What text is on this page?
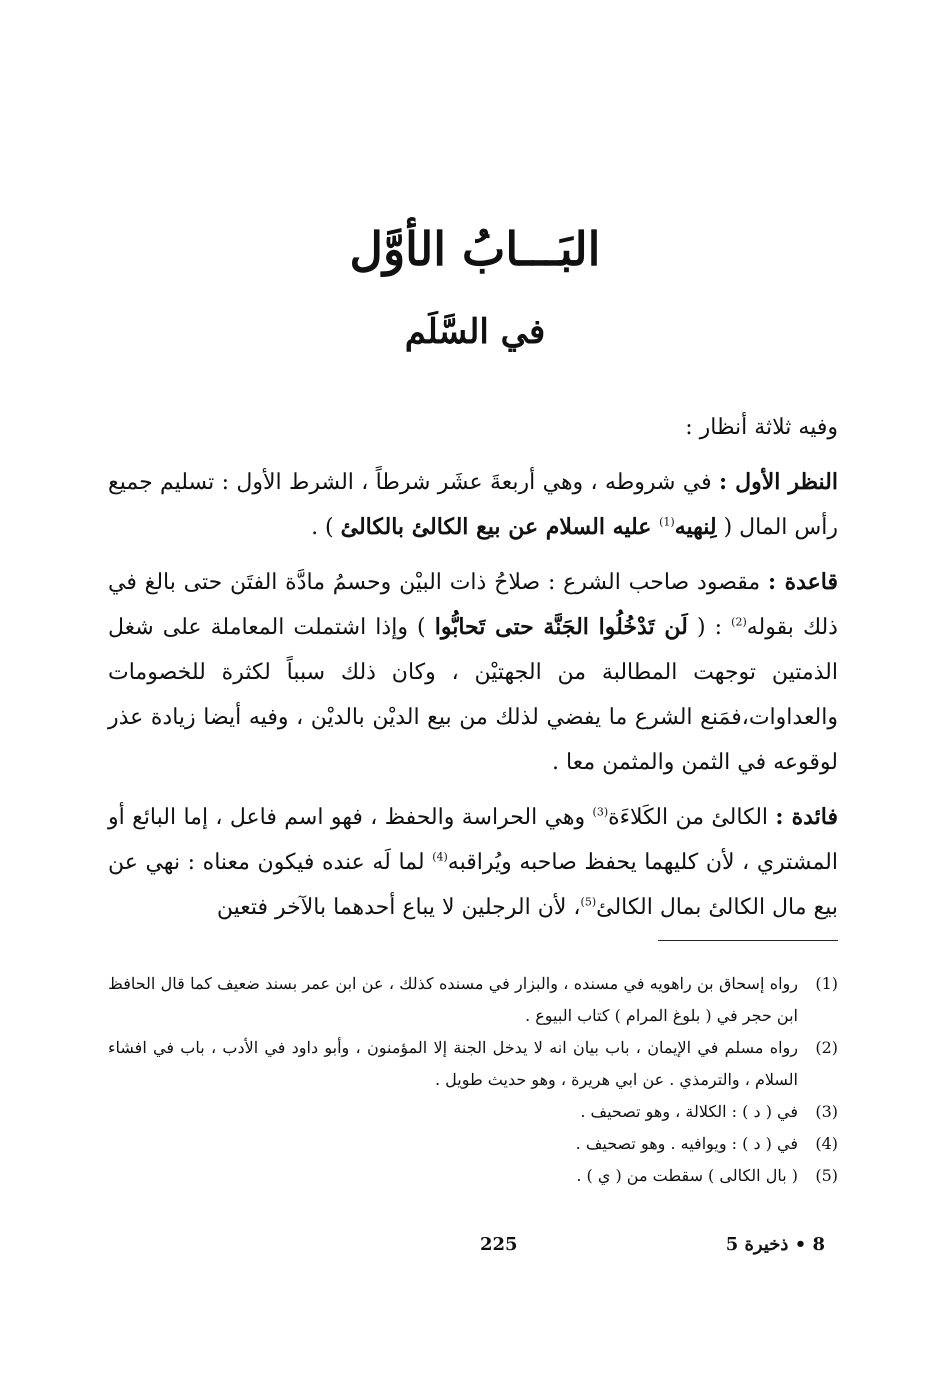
البَـــابُ الأوَّل
في السَّلَم

وفيه ثلاثة أنظار :

النظر الأول : في شروطه ، وهي أربعةَ عشَر شرطاً ، الشرط الأول : تسليم جميع رأس المال ( لِنهيه$^{(1)}$ عليه السلام عن بيع الكالئ بالكالئ ) .

قاعدة : مقصود صاحب الشرع : صلاحُ ذات البيْن وحسمُ مادَّة الفتَن حتى بالغ في ذلك بقوله$^{(2)}$ : ( لَن تَدْخُلُوا الجَنَّة حتى تَحابُّوا ) وإذا اشتملت المعاملة على شغل الذمتين توجهت المطالبة من الجهتيْن ، وكان ذلك سبباً لكثرة للخصومات والعداوات،فمَنع الشرع ما يفضي لذلك من بيع الديْن بالديْن ، وفيه أيضا زيادة عذر لوقوعه في الثمن والمثمن معا .

فائدة : الكالئ من الكَلاءَة$^{(3)}$ وهي الحراسة والحفظ ، فهو اسم فاعل ، إما البائع أو المشتري ، لأن كليهما يحفظ صاحبه ويُراقبه$^{(4)}$ لما لَه عنده فيكون معناه : نهي عن بيع مال الكالئ بمال الكالئ$^{(5)}$، لأن الرجلين لا يباع أحدهما بالآخر فتعين

(1)
رواه إسحاق بن راهويه في مسنده ، والبزار في مسنده كذلك ، عن ابن عمر بسند ضعيف كما قال الحافظ ابن حجر في ( بلوغ المرام ) كتاب البيوع .
(2)
رواه مسلم في الإيمان ، باب بيان انه لا يدخل الجنة إلا المؤمنون ، وأبو داود في الأدب ، باب في افشاء السلام ، والترمذي . عن ابي هريرة ، وهو حديث طويل .
(3)
في ( د ) : الكلالة ، وهو تصحيف .
(4)
في ( د ) : ويوافيه . وهو تصحيف .
(5)
( بال الكالى ) سقطت من ( ي ) .
8 • ذخيرة 5
225
